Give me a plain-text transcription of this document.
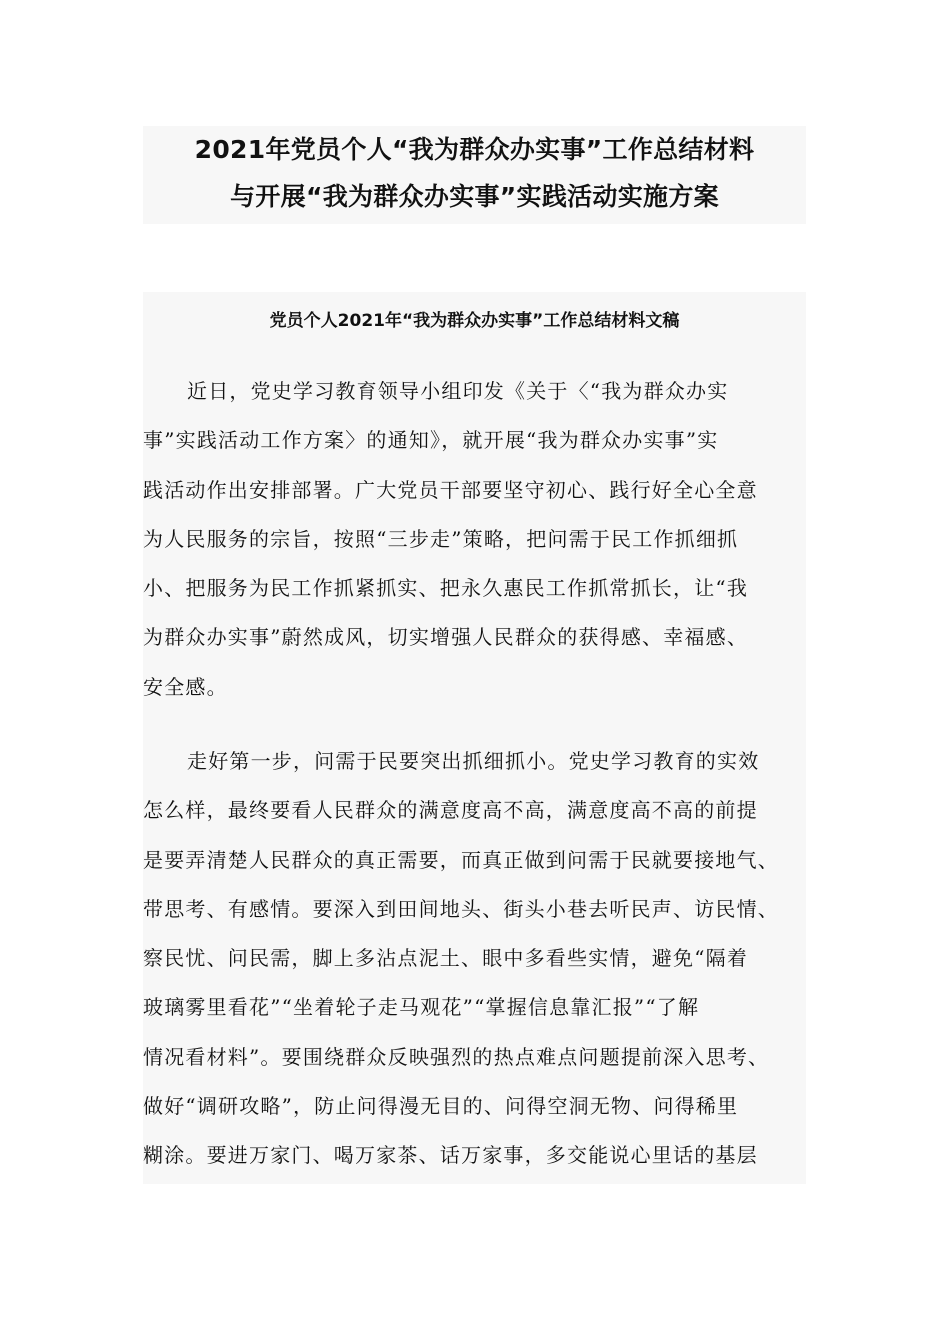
2021年党员个人“我为群众办实事”工作总结材料
与开展“我为群众办实事”实践活动实施方案
党员个人2021年“我为群众办实事”工作总结材料文稿
近日，党史学习教育领导小组印发《关于〈“我为群众办实
事”实践活动工作方案〉的通知》，就开展“我为群众办实事”实
践活动作出安排部署。广大党员干部要坚守初心、践行好全心全意
为人民服务的宗旨，按照“三步走”策略，把问需于民工作抓细抓
小、把服务为民工作抓紧抓实、把永久惠民工作抓常抓长，让“我
为群众办实事”蔚然成风，切实增强人民群众的获得感、幸福感、
安全感。
走好第一步，问需于民要突出抓细抓小。党史学习教育的实效
怎么样，最终要看人民群众的满意度高不高，满意度高不高的前提
是要弄清楚人民群众的真正需要，而真正做到问需于民就要接地气、
带思考、有感情。要深入到田间地头、街头小巷去听民声、访民情、
察民忧、问民需，脚上多沾点泥土、眼中多看些实情，避免“隔着
玻璃雾里看花”“坐着轮子走马观花”“掌握信息靠汇报”“了解
情况看材料”。要围绕群众反映强烈的热点难点问题提前深入思考、
做好“调研攻略”，防止问得漫无目的、问得空洞无物、问得稀里
糊涂。要进万家门、喝万家茶、话万家事，多交能说心里话的基层
